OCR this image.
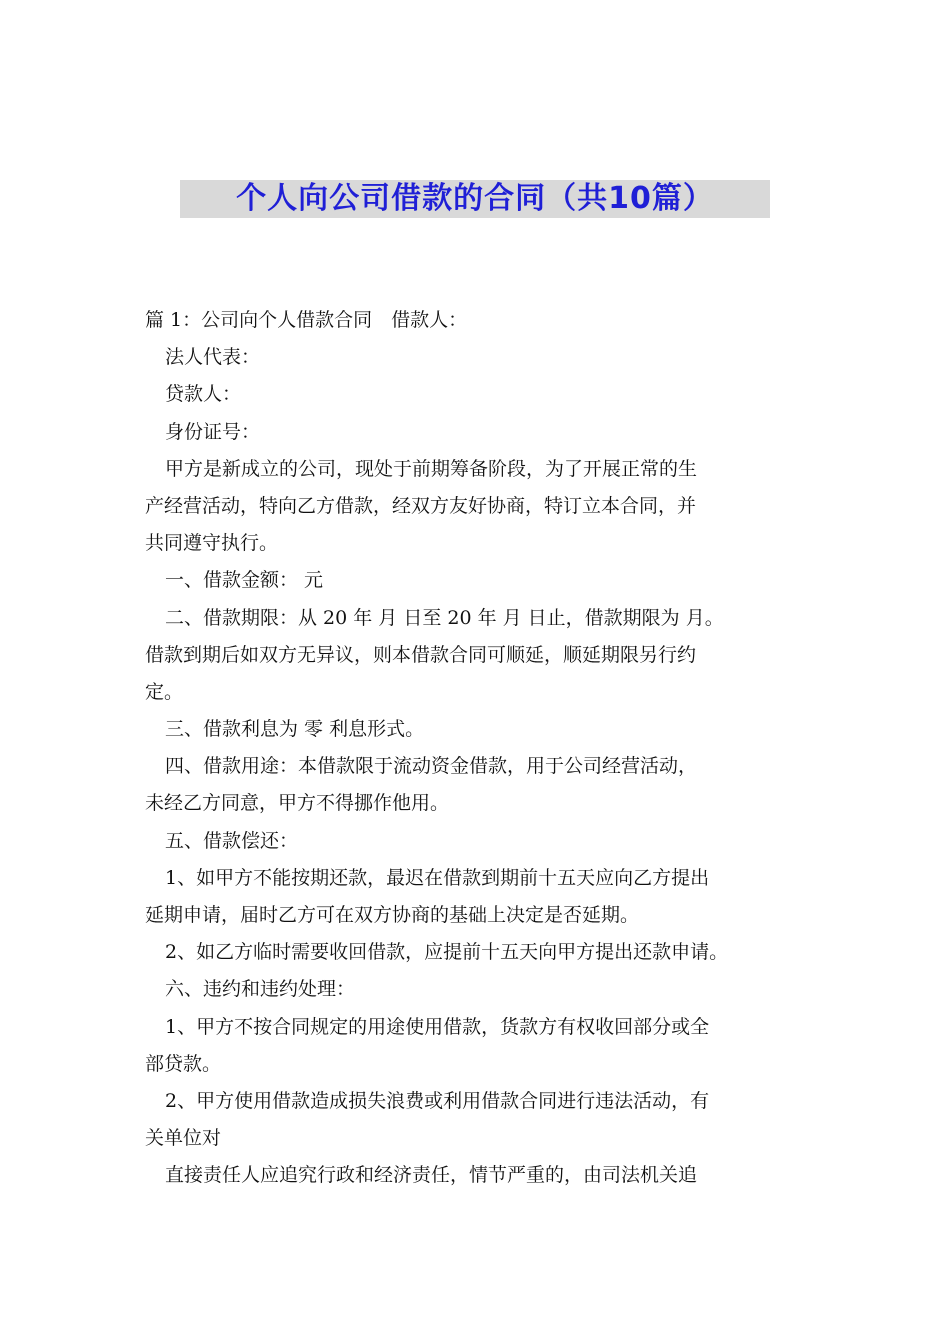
个人向公司借款的合同（共10篇）
篇 1：公司向个人借款合同　借款人：
法人代表：
贷款人：
身份证号：
甲方是新成立的公司，现处于前期筹备阶段，为了开展正常的生
产经营活动，特向乙方借款，经双方友好协商，特订立本合同，并
共同遵守执行。
一、借款金额： 元
二、借款期限：从 20 年 月 日至 20 年 月 日止，借款期限为 月。
借款到期后如双方无异议，则本借款合同可顺延，顺延期限另行约
定。
三、借款利息为 零 利息形式。
四、借款用途：本借款限于流动资金借款，用于公司经营活动，
未经乙方同意，甲方不得挪作他用。
五、借款偿还：
1、如甲方不能按期还款，最迟在借款到期前十五天应向乙方提出
延期申请，届时乙方可在双方协商的基础上决定是否延期。
2、如乙方临时需要收回借款，应提前十五天向甲方提出还款申请。
六、违约和违约处理：
1、甲方不按合同规定的用途使用借款，货款方有权收回部分或全
部贷款。
2、甲方使用借款造成损失浪费或利用借款合同进行违法活动，有
关单位对
直接责任人应追究行政和经济责任，情节严重的，由司法机关追
